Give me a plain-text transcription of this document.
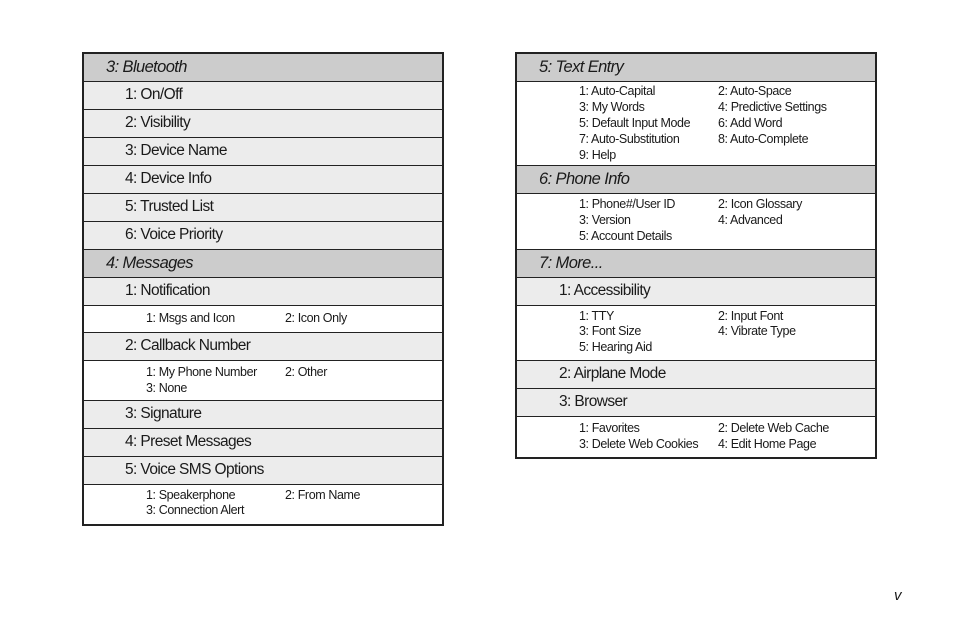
3: Bluetooth
1: On/Off
2: Visibility
3: Device Name
4: Device Info
5: Trusted List
6: Voice Priority
4: Messages
1: Notification
1: Msgs and Icon	2: Icon Only
2: Callback Number
1: My Phone Number 2: Other
3: None
3: Signature
4: Preset Messages
5: Voice SMS Options
1: Speakerphone	2: From Name
3: Connection Alert
5: Text Entry
1: Auto-Capital	2: Auto-Space
3: My Words	4: Predictive Settings
5: Default Input Mode 6: Add Word
7: Auto-Substitution	8: Auto-Complete
9: Help
6: Phone Info
1: Phone#/User ID	2: Icon Glossary
3: Version	4: Advanced
5: Account Details
7: More...
1: Accessibility
1: TTY	2: Input Font
3: Font Size	4: Vibrate Type
5: Hearing Aid
2: Airplane Mode
3: Browser
1: Favorites	2: Delete Web Cache
3: Delete Web Cookies 4: Edit Home Page
v
